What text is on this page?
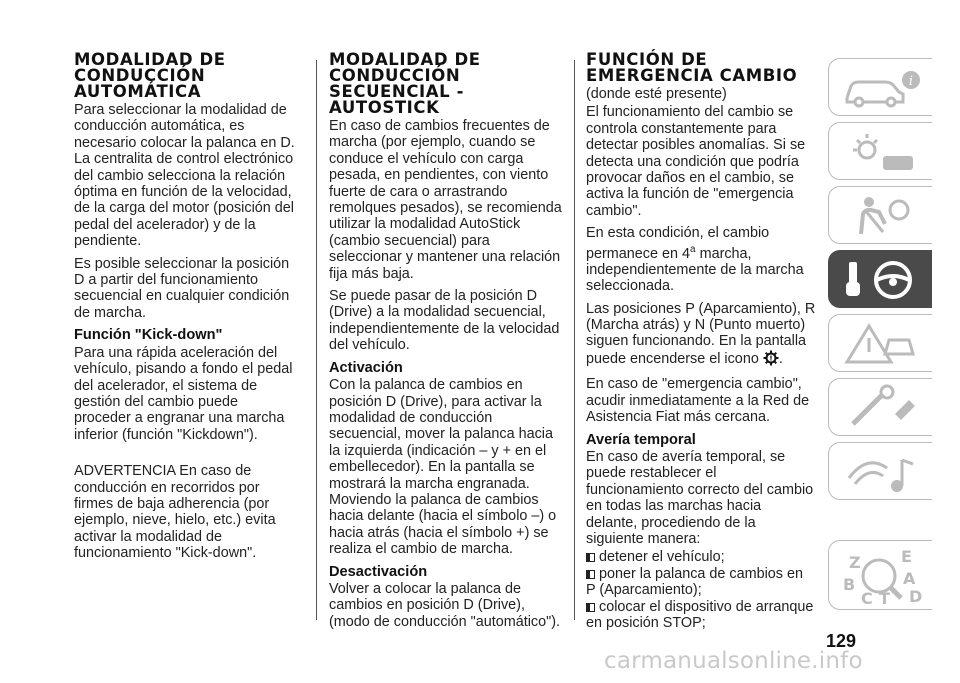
MODALIDAD DE CONDUCCIÓN AUTOMÁTICA

Para seleccionar la modalidad de conducción automática, es necesario colocar la palanca en D. La centralita de control electrónico del cambio selecciona la relación óptima en función de la velocidad, de la carga del motor (posición del pedal del acelerador) y de la pendiente.

Es posible seleccionar la posición D a partir del funcionamiento secuencial en cualquier condición de marcha.

Función "Kick-down"

Para una rápida aceleración del vehículo, pisando a fondo el pedal del acelerador, el sistema de gestión del cambio puede proceder a engranar una marcha inferior (función "Kickdown").

ADVERTENCIA En caso de conducción en recorridos por firmes de baja adherencia (por ejemplo, nieve, hielo, etc.) evita activar la modalidad de funcionamiento "Kick-down".

MODALIDAD DE CONDUCCIÓN SECUENCIAL - AUTOSTICK

En caso de cambios frecuentes de marcha (por ejemplo, cuando se conduce el vehículo con carga pesada, en pendientes, con viento fuerte de cara o arrastrando remolques pesados), se recomienda utilizar la modalidad AutoStick (cambio secuencial) para seleccionar y mantener una relación fija más baja.

Se puede pasar de la posición D (Drive) a la modalidad secuencial, independientemente de la velocidad del vehículo.

Activación

Con la palanca de cambios en posición D (Drive), para activar la modalidad de conducción secuencial, mover la palanca hacia la izquierda (indicación – y + en el embellecedor). En la pantalla se mostrará la marcha engranada. Moviendo la palanca de cambios hacia delante (hacia el símbolo –) o hacia atrás (hacia el símbolo +) se realiza el cambio de marcha.

Desactivación

Volver a colocar la palanca de cambios en posición D (Drive), (modo de conducción "automático").

FUNCIÓN DE EMERGENCIA CAMBIO

(donde esté presente)

El funcionamiento del cambio se controla constantemente para detectar posibles anomalías. Si se detecta una condición que podría provocar daños en el cambio, se activa la función de "emergencia cambio".

En esta condición, el cambio permanece en 4$^a$ marcha, independientemente de la marcha seleccionada.

Las posiciones P (Aparcamiento), R (Marcha atrás) y N (Punto muerto) siguen funcionando. En la pantalla puede encenderse el icono ! .

En caso de "emergencia cambio", acudir inmediatamente a la Red de Asistencia Fiat más cercana.

Avería temporal

En caso de avería temporal, se puede restablecer el funcionamiento correcto del cambio en todas las marchas hacia delante, procediendo de la siguiente manera:

detener el vehículo;
poner la palanca de cambios en P (Aparcamiento);
colocar el dispositivo de arranque en posición STOP;
i
Z	E
B	A
C T D
129
carmanualsonline.info
